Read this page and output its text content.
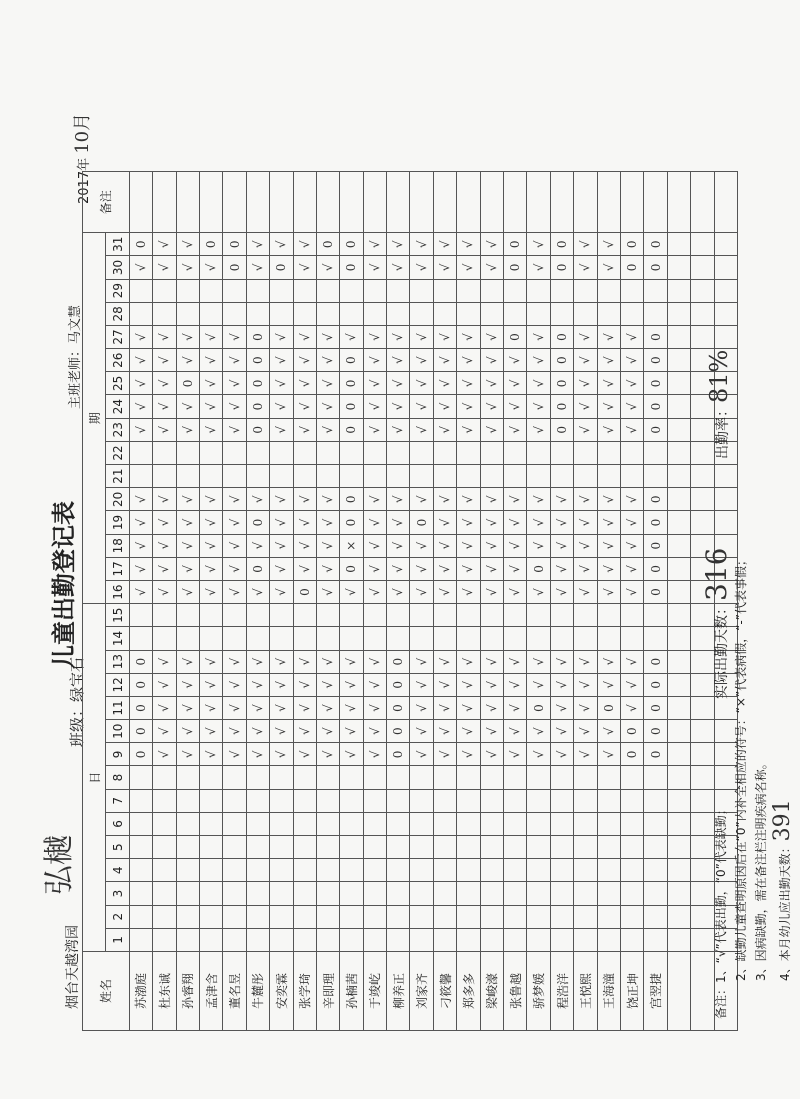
儿童出勤登记表
烟台天越湾园
弘樾
班级：绿宝石
主班老师：马文慧
2017年 10月
姓名	日															期																备注
	1	2	3	4	5	6	7	8	9	10	11	12	13	14	15	16	17	18	19	20	21	22	23	24	25	26	27	28	29	30	31	
苏渤庭									0	0	0	0	0			√	√	√	√	√			√	√	√	√	√			√	0	
杜东诚									√	√	√	√	√			√	√	√	√	√			√	√	√	√	√			√	√	
孙睿翔									√	√	√	√	√			√	√	√	√	√			√	√	0	√	√			√	√	
孟津含									√	√	√	√	√			√	√	√	√	√			√	√	√	√	√			√	0	
董名昱									√	√	√	√	√			√	√	√	√	√			√	√	√	√	√			0	0	
牛麓彤									√	√	√	√	√			√	0	√	0	√			0	0	0	0	0			√	√	
安奕霖									√	√	√	√	√			√	√	√	√	√			√	√	√	√	√			0	√	
张学琦									√	√	√	√	√			0	√	√	√	√			√	√	√	√	√			√	√	
辛即理									√	√	√	√	√			√	√	√	√	√			√	√	√	√	√			√	0	
孙楠茜									√	√	√	√	√			√	0	×	0	0			0	0	0	0	√			0	0	
于竣屹									√	√	√	√	√			√	√	√	√	√			√	√	√	√	√			√	√	
柳养正									0	0	0	0	0			√	√	√	√	√			√	√	√	√	√			√	√	
刘家齐									√	√	√	√	√			√	√	√	0	√			√	√	√	√	√			√	√	
刁筱馨									√	√	√	√	√			√	√	√	√	√			√	√	√	√	√			√	√	
郑多多									√	√	√	√	√			√	√	√	√	√			√	√	√	√	√			√	√	
梁峻濠									√	√	√	√	√			√	√	√	√	√			√	√	√	√	√			√	√	
张鲁越									√	√	√	√	√			√	√	√	√	√			√	√	√	√	0			0	0	
骄梦媛									√	√	0	√	√			√	0	√	√	√			√	√	√	√	√			√	√	
程浩洋									√	√	√	√	√			√	√	√	√	√			0	0	0	0	0			0	0	
王悦熙									√	√	√	√	√			√	√	√	√	√			√	√	√	√	√			√	√	
王海潼									√	√	0	√	√			√	√	√	√	√			√	√	√	√	√			√	√	
饶正坤									0	0	√	√	√			√	√	√	√	√			√	√	√	√	√			0	0	
宫翌捷									0	0	0	0	0			0	0	0	0	0			0	0	0	0	0			0	0	

备注：1、“√”代表出勤，“0”代表缺勤； 2、缺勤儿童查明原因后在“0”内补全相应的符号：“×”代表病假，“-”代表事假； 3、因病缺勤，需在备注栏注明疾病名称。 4、本月幼儿应出勤天数：391
实际出勤天数：316
出勤率：81%
